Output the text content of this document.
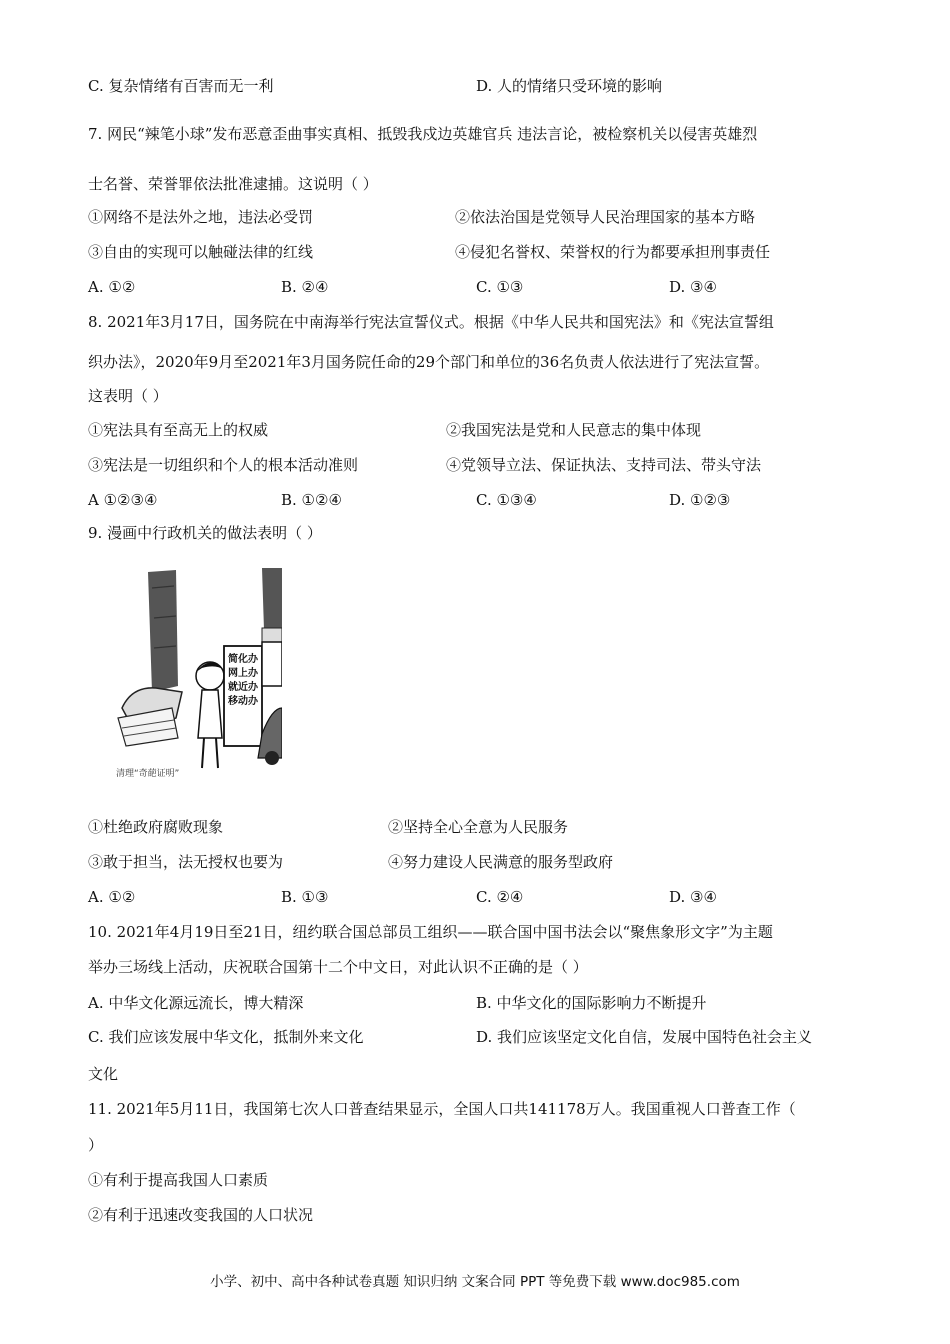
C. 复杂情绪有百害而无一利	D. 人的情绪只受环境的影响
7. 网民“辣笔小球”发布恶意歪曲事实真相、抵毁我戍边英雄官兵 违法言论，被检察机关以侵害英雄烈
士名誉、荣誉罪依法批准逮捕。这说明（ ）
①网络不是法外之地，违法必受罚	②依法治国是党领导人民治理国家的基本方略
③自由的实现可以触碰法律的红线	④侵犯名誉权、荣誉权的行为都要承担刑事责任
A. ①②	B. ②④	C. ①③	D. ③④
8. 2021年3月17日，国务院在中南海举行宪法宣誓仪式。根据《中华人民共和国宪法》和《宪法宣誓组
织办法》，2020年9月至2021年3月国务院任命的29个部门和单位的36名负责人依法进行了宪法宣誓。
这表明（ ）
①宪法具有至高无上的权威	②我国宪法是党和人民意志的集中体现
③宪法是一切组织和个人的根本活动准则	④党领导立法、保证执法、支持司法、带头守法
A ①②③④	B. ①②④	C. ①③④	D. ①②③
9. 漫画中行政机关的做法表明（ ）
简化办
网上办
就近办
移动办
清理“奇葩证明”
①杜绝政府腐败现象	②坚持全心全意为人民服务
③敢于担当，法无授权也要为	④努力建设人民满意的服务型政府
A. ①②	B. ①③	C. ②④	D. ③④
10. 2021年4月19日至21日，纽约联合国总部员工组织——联合国中国书法会以“聚焦象形文字”为主题
举办三场线上活动，庆祝联合国第十二个中文日，对此认识不正确的是（ ）
A. 中华文化源远流长，博大精深	B. 中华文化的国际影响力不断提升
C. 我们应该发展中华文化，抵制外来文化	D. 我们应该坚定文化自信，发展中国特色社会主义
文化
11. 2021年5月11日，我国第七次人口普查结果显示，全国人口共141178万人。我国重视人口普查工作（
）
①有利于提高我国人口素质
②有利于迅速改变我国的人口状况
小学、初中、高中各种试卷真题 知识归纳 文案合同 PPT 等免费下载 www.doc985.com
